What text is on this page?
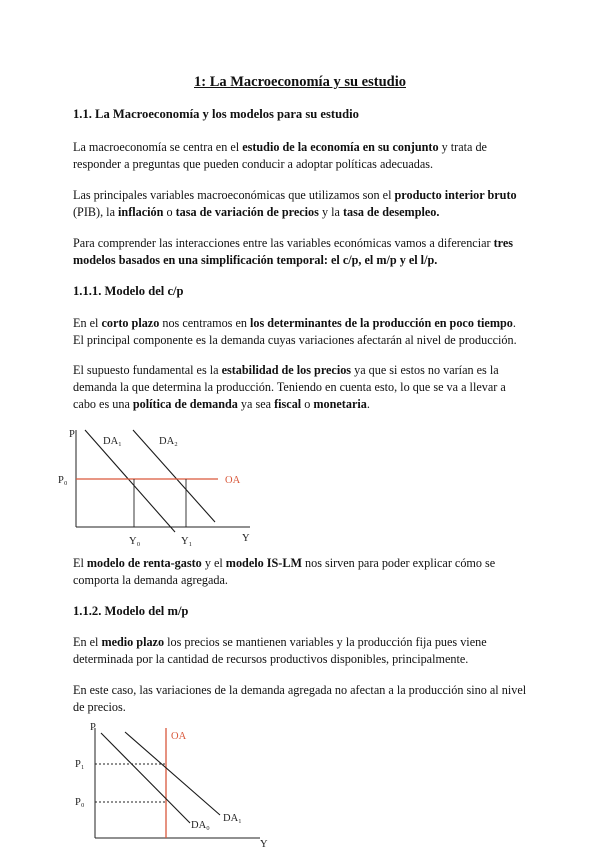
1: La Macroeconomía y su estudio
1.1. La Macroeconomía y los modelos para su estudio

La macroeconomía se centra en el estudio de la economía en su conjunto y trata de responder a preguntas que pueden conducir a adoptar políticas adecuadas.

Las principales variables macroeconómicas que utilizamos son el producto interior bruto (PIB), la inflación o tasa de variación de precios y la tasa de desempleo.

Para comprender las interacciones entre las variables económicas vamos a diferenciar tres modelos basados en una simplificación temporal: el c/p, el m/p y el l/p.

1.1.1. Modelo del c/p

En el corto plazo nos centramos en los determinantes de la producción en poco tiempo. El principal componente es la demanda cuyas variaciones afectarán al nivel de producción.

El supuesto fundamental es la estabilidad de los precios ya que si estos no varían es la demanda la que determina la producción. Teniendo en cuenta esto, lo que se va a llevar a cabo es una política de demanda ya sea fiscal o monetaria.

P
Y
DA₁	DA₂
OA
P₀
Y₀	Y₁

El modelo de renta-gasto y el modelo IS-LM nos sirven para poder explicar cómo se comporta la demanda agregada.

1.1.2. Modelo del m/p

En el medio plazo los precios se mantienen variables y la producción fija pues viene determinada por la cantidad de recursos productivos disponibles, principalmente.

En este caso, las variaciones de la demanda agregada no afectan a la producción sino al nivel de precios.

P
Y
OA
P₁
P₀
DA₁
DA₀
